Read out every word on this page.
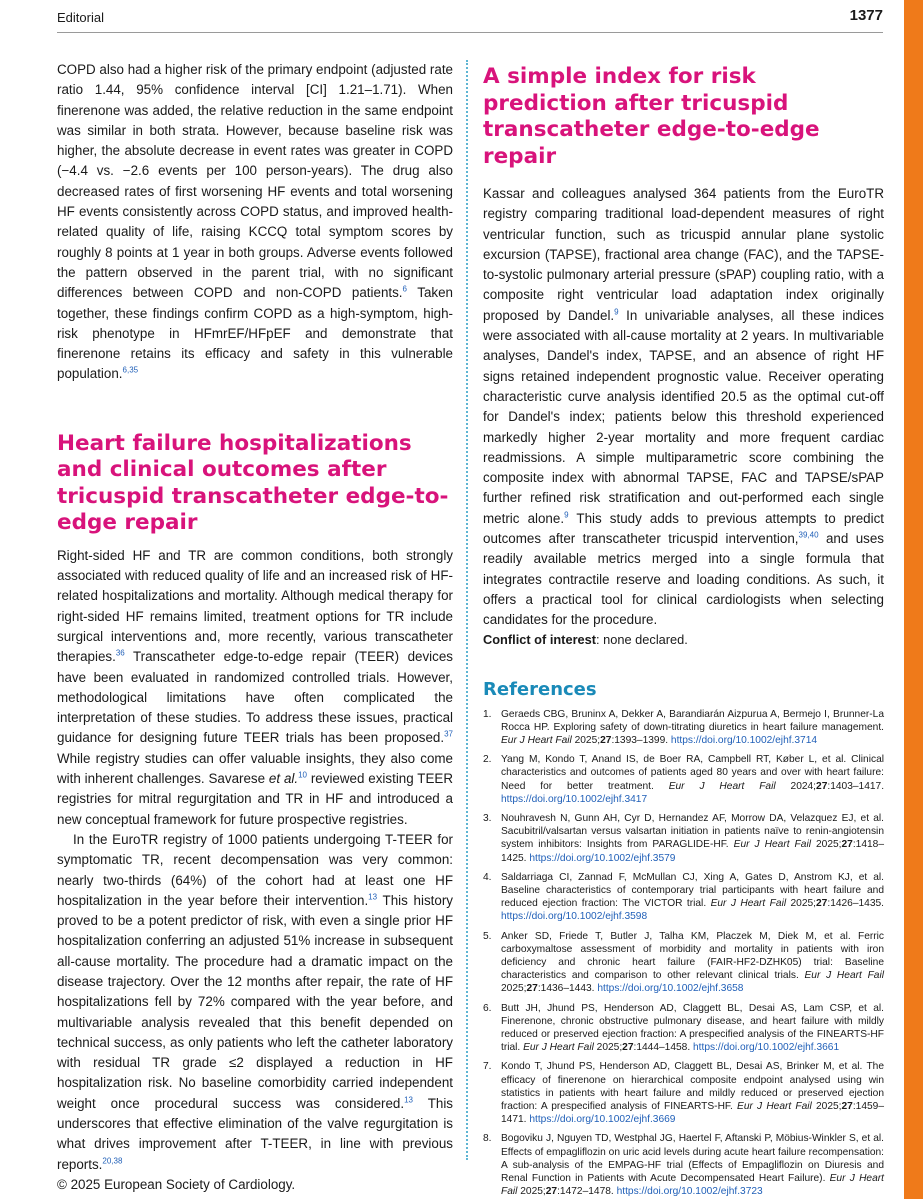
Editorial	1377

COPD also had a higher risk of the primary endpoint (adjusted rate ratio 1.44, 95% confidence interval [CI] 1.21–1.71). When finerenone was added, the relative reduction in the same endpoint was similar in both strata. However, because baseline risk was higher, the absolute decrease in event rates was greater in COPD (−4.4 vs. −2.6 events per 100 person-years). The drug also decreased rates of first worsening HF events and total worsening HF events consistently across COPD status, and improved health-related quality of life, raising KCCQ total symptom scores by roughly 8 points at 1 year in both groups. Adverse events followed the pattern observed in the parent trial, with no significant differences between COPD and non-COPD patients.$^6$ Taken together, these findings confirm COPD as a high-symptom, high-risk phenotype in HFmrEF/HFpEF and demonstrate that finerenone retains its efficacy and safety in this vulnerable population.$^{6,35}$

Heart failure hospitalizations and clinical outcomes after tricuspid transcatheter edge-to-edge repair

Right-sided HF and TR are common conditions, both strongly associated with reduced quality of life and an increased risk of HF-related hospitalizations and mortality. Although medical therapy for right-sided HF remains limited, treatment options for TR include surgical interventions and, more recently, various transcatheter therapies.$^{36}$ Transcatheter edge-to-edge repair (TEER) devices have been evaluated in randomized controlled trials. However, methodological limitations have often complicated the interpretation of these studies. To address these issues, practical guidance for designing future TEER trials has been proposed.$^{37}$ While registry studies can offer valuable insights, they also come with inherent challenges. Savarese et al.$^{10}$ reviewed existing TEER registries for mitral regurgitation and TR in HF and introduced a new conceptual framework for future prospective registries.

In the EuroTR registry of 1000 patients undergoing T-TEER for symptomatic TR, recent decompensation was very common: nearly two-thirds (64%) of the cohort had at least one HF hospitalization in the year before their intervention.$^{13}$ This history proved to be a potent predictor of risk, with even a single prior HF hospitalization conferring an adjusted 51% increase in subsequent all-cause mortality. The procedure had a dramatic impact on the disease trajectory. Over the 12 months after repair, the rate of HF hospitalizations fell by 72% compared with the year before, and multivariable analysis revealed that this benefit depended on technical success, as only patients who left the catheter laboratory with residual TR grade ≤2 displayed a reduction in HF hospitalization risk. No baseline comorbidity carried independent weight once procedural success was considered.$^{13}$ This underscores that effective elimination of the valve regurgitation is what drives improvement after T-TEER, in line with previous reports.$^{20,38}$

A simple index for risk prediction after tricuspid transcatheter edge-to-edge repair

Kassar and colleagues analysed 364 patients from the EuroTR registry comparing traditional load-dependent measures of right ventricular function, such as tricuspid annular plane systolic excursion (TAPSE), fractional area change (FAC), and the TAPSE-to-systolic pulmonary arterial pressure (sPAP) coupling ratio, with a composite right ventricular load adaptation index originally proposed by Dandel.$^9$ In univariable analyses, all these indices were associated with all-cause mortality at 2 years. In multivariable analyses, Dandel's index, TAPSE, and an absence of right HF signs retained independent prognostic value. Receiver operating characteristic curve analysis identified 20.5 as the optimal cut-off for Dandel's index; patients below this threshold experienced markedly higher 2-year mortality and more frequent cardiac readmissions. A simple multiparametric score combining the composite index with abnormal TAPSE, FAC and TAPSE/sPAP further refined risk stratification and out-performed each single metric alone.$^9$ This study adds to previous attempts to predict outcomes after transcatheter tricuspid intervention,$^{39,40}$ and uses readily available metrics merged into a single formula that integrates contractile reserve and loading conditions. As such, it offers a practical tool for clinical cardiologists when selecting candidates for the procedure.

Conflict of interest: none declared.

References
1. Geraeds CBG, Bruninx A, Dekker A, Barandiarán Aizpurua A, Bermejo I, Brunner-La Rocca HP. Exploring safety of down-titrating diuretics in heart failure management. Eur J Heart Fail 2025;27:1393–1399. https://doi.org/10.1002/ejhf.3714
2. Yang M, Kondo T, Anand IS, de Boer RA, Campbell RT, Køber L, et al. Clinical characteristics and outcomes of patients aged 80 years and over with heart failure: Need for better treatment. Eur J Heart Fail 2024;27:1403–1417. https://doi.org/10.1002/ejhf.3417
3. Nouhravesh N, Gunn AH, Cyr D, Hernandez AF, Morrow DA, Velazquez EJ, et al. Sacubitril/valsartan versus valsartan initiation in patients naïve to renin-angiotensin system inhibitors: Insights from PARAGLIDE-HF. Eur J Heart Fail 2025;27:1418–1425. https://doi.org/10.1002/ejhf.3579
4. Saldarriaga CI, Zannad F, McMullan CJ, Xing A, Gates D, Anstrom KJ, et al. Baseline characteristics of contemporary trial participants with heart failure and reduced ejection fraction: The VICTOR trial. Eur J Heart Fail 2025;27:1426–1435. https://doi.org/10.1002/ejhf.3598
5. Anker SD, Friede T, Butler J, Talha KM, Placzek M, Diek M, et al. Ferric carboxymaltose assessment of morbidity and mortality in patients with iron deficiency and chronic heart failure (FAIR-HF2-DZHK05) trial: Baseline characteristics and comparison to other relevant clinical trials. Eur J Heart Fail 2025;27:1436–1443. https://doi.org/10.1002/ejhf.3658
6. Butt JH, Jhund PS, Henderson AD, Claggett BL, Desai AS, Lam CSP, et al. Finerenone, chronic obstructive pulmonary disease, and heart failure with mildly reduced or preserved ejection fraction: A prespecified analysis of the FINEARTS-HF trial. Eur J Heart Fail 2025;27:1444–1458. https://doi.org/10.1002/ejhf.3661
7. Kondo T, Jhund PS, Henderson AD, Claggett BL, Desai AS, Brinker M, et al. The efficacy of finerenone on hierarchical composite endpoint analysed using win statistics in patients with heart failure and mildly reduced or preserved ejection fraction: A prespecified analysis of FINEARTS-HF. Eur J Heart Fail 2025;27:1459–1471. https://doi.org/10.1002/ejhf.3669
8. Bogoviku J, Nguyen TD, Westphal JG, Haertel F, Aftanski P, Möbius-Winkler S, et al. Effects of empagliflozin on uric acid levels during acute heart failure recompensation: A sub-analysis of the EMPAG-HF trial (Effects of Empagliflozin on Diuresis and Renal Function in Patients with Acute Decompensated Heart Failure). Eur J Heart Fail 2025;27:1472–1478. https://doi.org/10.1002/ejhf.3723
© 2025 European Society of Cardiology.
